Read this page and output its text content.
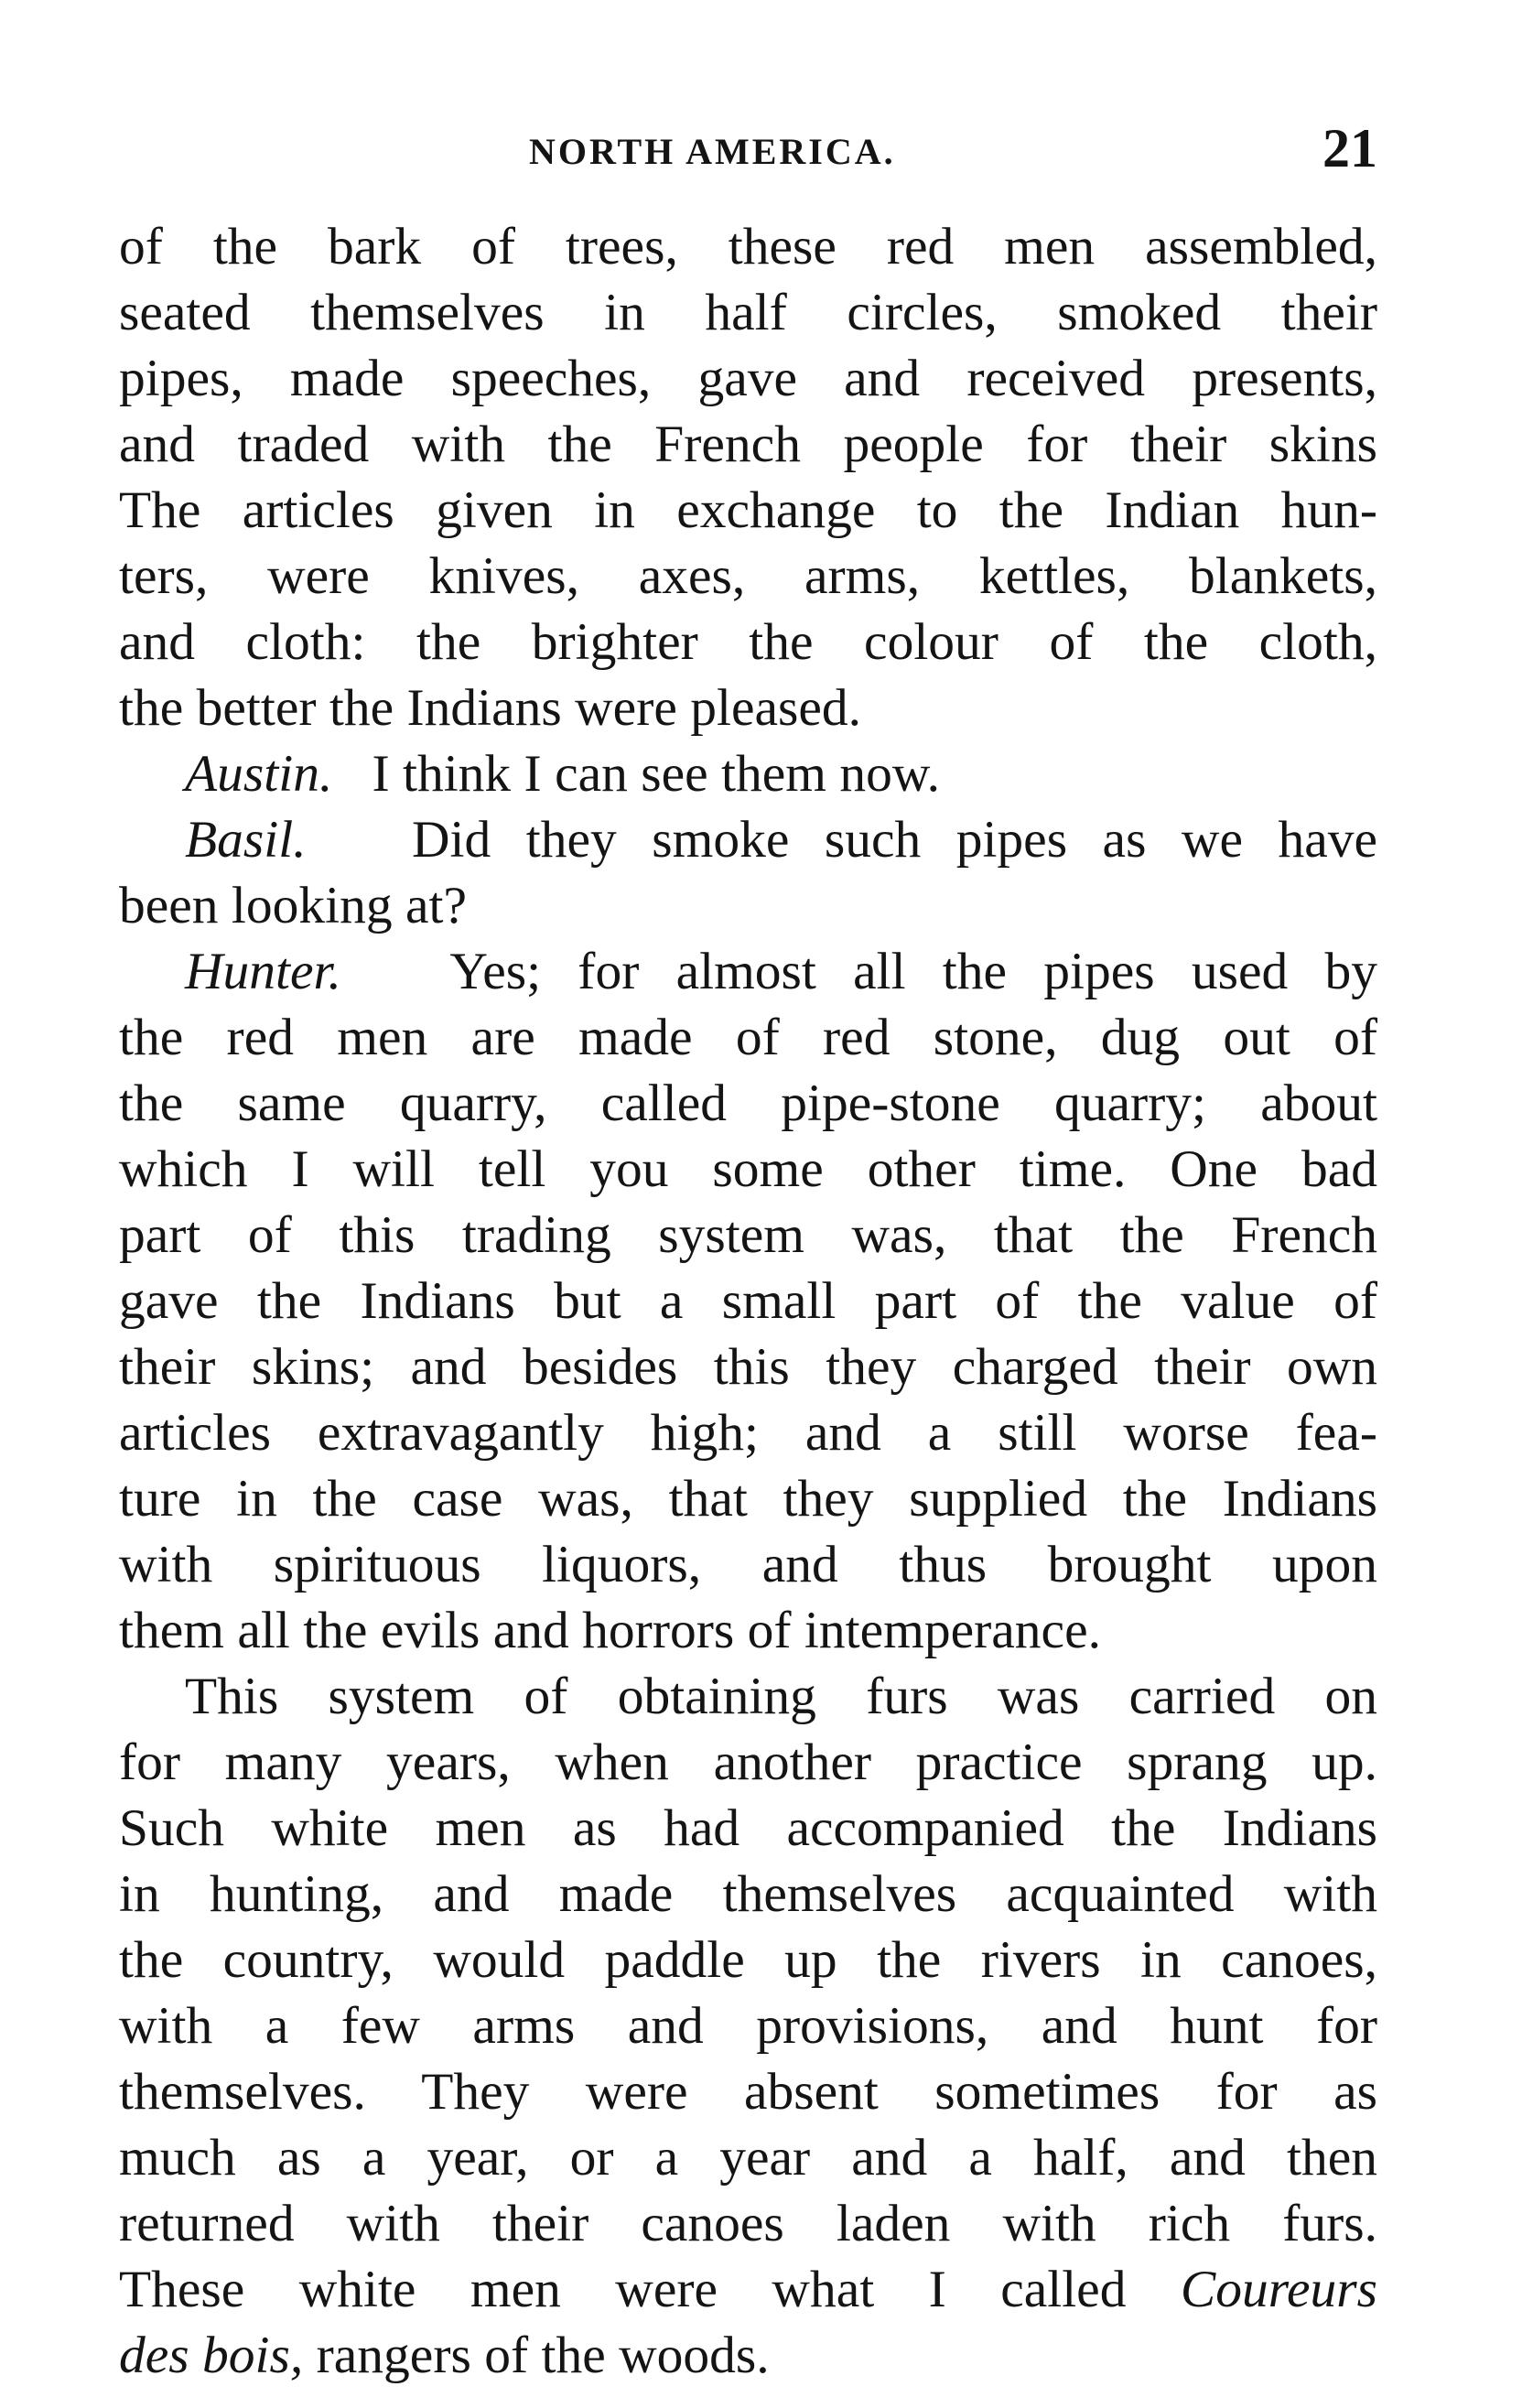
NORTH AMERICA.	21
of the bark of trees, these red men assembled,
seated themselves in half circles, smoked their
pipes, made speeches, gave and received presents,
and traded with the French people for their skins
The articles given in exchange to the Indian hun-
ters, were knives, axes, arms, kettles, blankets,
and cloth: the brighter the colour of the cloth,
the better the Indians were pleased.
Austin. I think I can see them now.
Basil. Did they smoke such pipes as we have
been looking at?
Hunter. Yes; for almost all the pipes used by
the red men are made of red stone, dug out of
the same quarry, called pipe-stone quarry; about
which I will tell you some other time. One bad
part of this trading system was, that the French
gave the Indians but a small part of the value of
their skins; and besides this they charged their own
articles extravagantly high; and a still worse fea-
ture in the case was, that they supplied the Indians
with spirituous liquors, and thus brought upon
them all the evils and horrors of intemperance.
This system of obtaining furs was carried on
for many years, when another practice sprang up.
Such white men as had accompanied the Indians
in hunting, and made themselves acquainted with
the country, would paddle up the rivers in canoes,
with a few arms and provisions, and hunt for
themselves. They were absent sometimes for as
much as a year, or a year and a half, and then
returned with their canoes laden with rich furs.
These white men were what I called Coureurs
des bois, rangers of the woods.
